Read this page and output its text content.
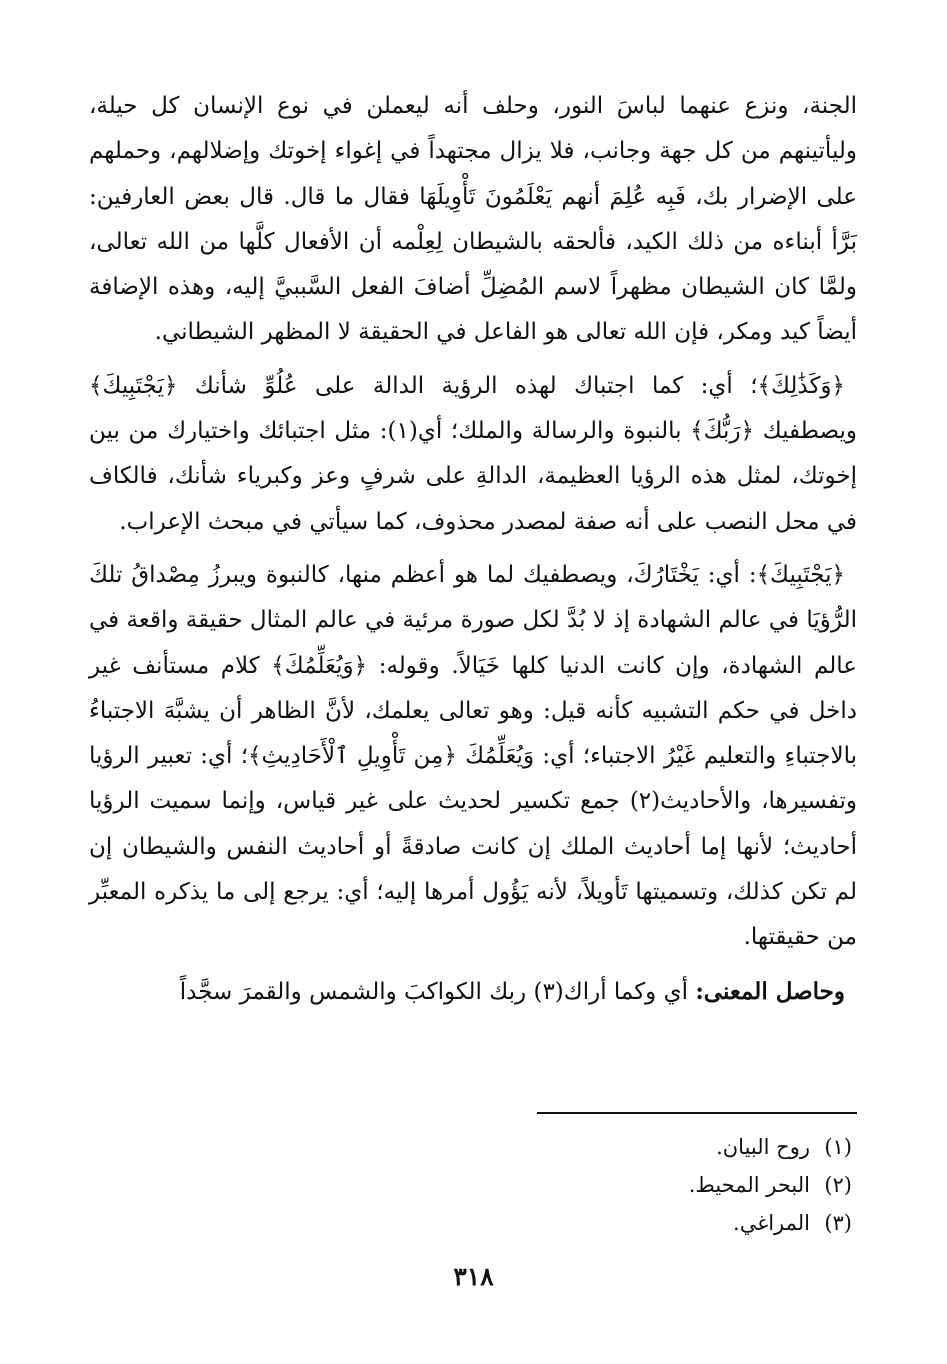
الجنة، ونزع عنهما لباسَ النور، وحلف أنه ليعملن في نوع الإنسان كل حيلة، وليأتينهم من كل جهة وجانب، فلا يزال مجتهداً في إغواء إخوتك وإضلالهم، وحملهم على الإضرار بك، فَبِه عُلِمَ أنهم يَعْلَمُونَ تَأْوِيلَهَا فقال ما قال. قال بعض العارفين: بَرَّأ أبناءه من ذلك الكيد، فألحقه بالشيطان لِعِلْمه أن الأفعال كلَّها من الله تعالى، ولمَّا كان الشيطان مظهراً لاسم المُضِلِّ أضافَ الفعل السَّببيَّ إليه، وهذه الإضافة أيضاً كيد ومكر، فإن الله تعالى هو الفاعل في الحقيقة لا المظهر الشيطاني.

﴿وَكَذَٰلِكَ﴾؛ أي: كما اجتباك لهذه الرؤية الدالة على عُلُوِّ شأنك ﴿يَجْتَبِيكَ﴾ ويصطفيك ﴿رَبُّكَ﴾ بالنبوة والرسالة والملك؛ أي(١): مثل اجتبائك واختيارك من بين إخوتك، لمثل هذه الرؤيا العظيمة، الدالةِ على شرفٍ وعز وكبرياء شأنك، فالكاف في محل النصب على أنه صفة لمصدر محذوف، كما سيأتي في مبحث الإعراب.

﴿يَجْتَبِيكَ﴾: أي: يَخْتَارُكَ، ويصطفيك لما هو أعظم منها، كالنبوة ويبرزُ مِصْداقُ تلكَ الرُّؤيَا في عالم الشهادة إذ لا بُدَّ لكل صورة مرئية في عالم المثال حقيقة واقعة في عالم الشهادة، وإن كانت الدنيا كلها خَيَالاً. وقوله: ﴿وَيُعَلِّمُكَ﴾ كلام مستأنف غير داخل في حكم التشبيه كأنه قيل: وهو تعالى يعلمك، لأنَّ الظاهر أن يشبَّهَ الاجتباءُ بالاجتباءِ والتعليم غَيْرُ الاجتباء؛ أي: وَيُعَلِّمُكَ ﴿مِن تَأْوِيلِ ٱلْأَحَادِيثِ﴾؛ أي: تعبير الرؤيا وتفسيرها، والأحاديث(٢) جمع تكسير لحديث على غير قياس، وإنما سميت الرؤيا أحاديث؛ لأنها إما أحاديث الملك إن كانت صادقةً أو أحاديث النفس والشيطان إن لم تكن كذلك، وتسميتها تَأويلاً، لأنه يَؤُول أمرها إليه؛ أي: يرجع إلى ما يذكره المعبِّر من حقيقتها.

وحاصل المعنى: أي وكما أراك(٣) ربك الكواكبَ والشمس والقمرَ سجَّداً

(١)روح البيان.
(٢)البحر المحيط.
(٣)المراغي.
٣١٨
